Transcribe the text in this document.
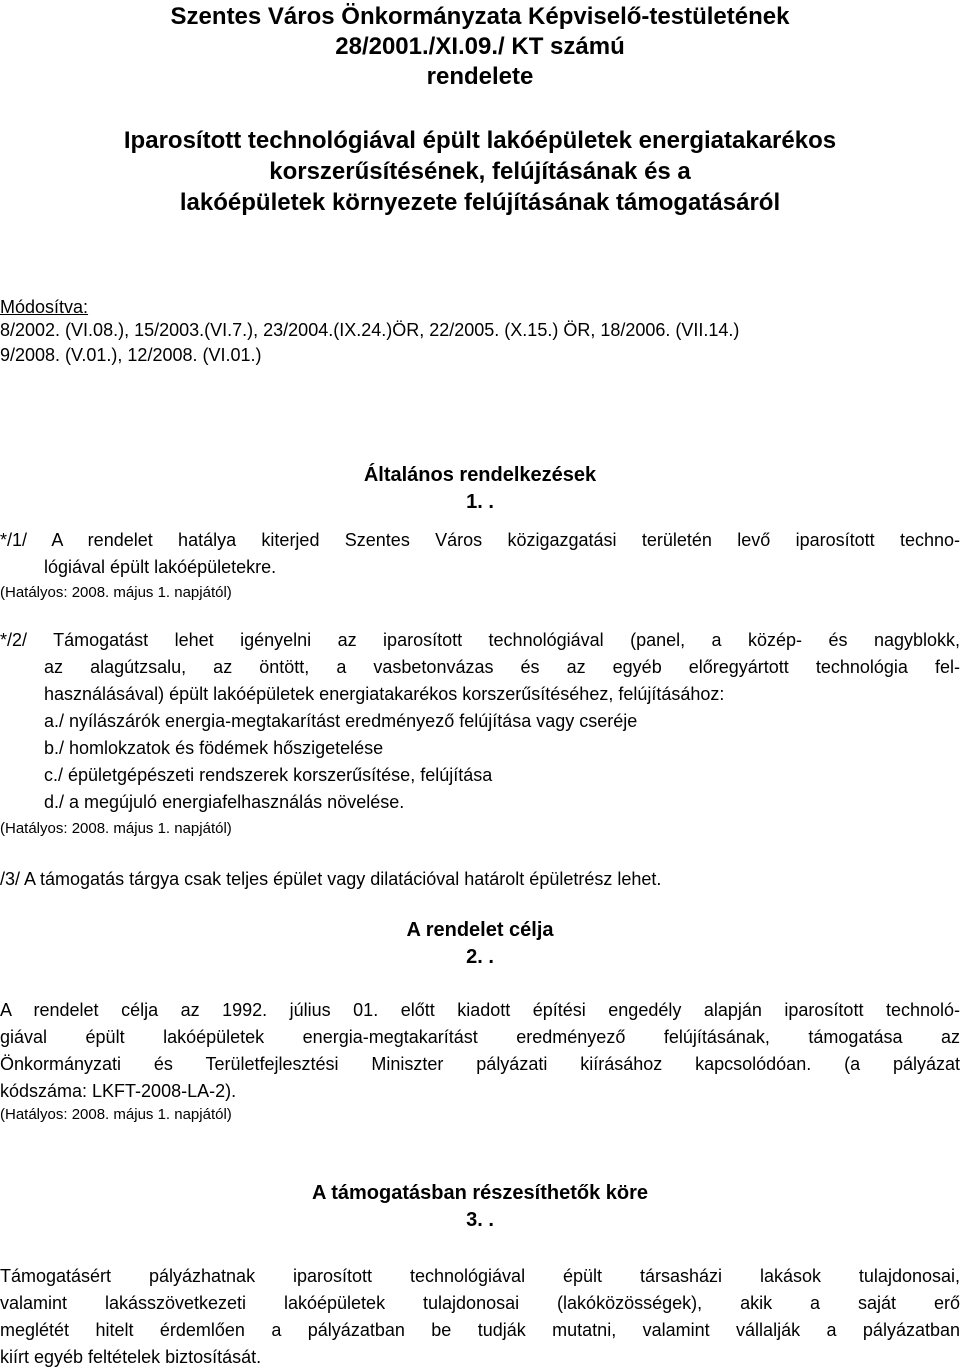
Szentes Város Önkormányzata Képviselő-testületének
28/2001./XI.09./ KT számú
rendelete
Iparosított technológiával épült lakóépületek energiatakarékos
korszerűsítésének, felújításának és a
lakóépületek környezete felújításának támogatásáról
Módosítva:
8/2002. (VI.08.), 15/2003.(VI.7.), 23/2004.(IX.24.)ÖR, 22/2005. (X.15.) ÖR, 18/2006. (VII.14.)
9/2008. (V.01.), 12/2008. (VI.01.)
Általános rendelkezések
1. .
*/1/ A rendelet hatálya kiterjed Szentes Város közigazgatási területén levő iparosított techno-
lógiával épült lakóépületekre.
(Hatályos: 2008. május 1. napjától)
*/2/ Támogatást lehet igényelni az iparosított technológiával (panel, a közép- és nagyblokk,
az alagútzsalu, az öntött, a vasbetonvázas és az egyéb előregyártott technológia fel-
használásával) épült lakóépületek energiatakarékos korszerűsítéséhez, felújításához:
a./ nyílászárók energia-megtakarítást eredményező felújítása vagy cseréje
b./ homlokzatok és födémek hőszigetelése
c./ épületgépészeti rendszerek korszerűsítése, felújítása
d./ a megújuló energiafelhasználás növelése.
(Hatályos: 2008. május 1. napjától)
/3/ A támogatás tárgya csak teljes épület vagy dilatációval határolt épületrész lehet.
A rendelet célja
2. .
A rendelet célja az 1992. július 01. előtt kiadott építési engedély alapján iparosított technoló-
giával épült lakóépületek energia-megtakarítást eredményező felújításának, támogatása az
Önkormányzati és Területfejlesztési Miniszter pályázati kiírásához kapcsolódóan. (a pályázat
kódszáma: LKFT-2008-LA-2).
(Hatályos: 2008. május 1. napjától)
A támogatásban részesíthetők köre
3. .
Támogatásért pályázhatnak iparosított technológiával épült társasházi lakások tulajdonosai,
valamint lakásszövetkezeti lakóépületek tulajdonosai (lakóközösségek), akik a saját erő
meglétét hitelt érdemlően a pályázatban be tudják mutatni, valamint vállalják a pályázatban
kiírt egyéb feltételek biztosítását.
